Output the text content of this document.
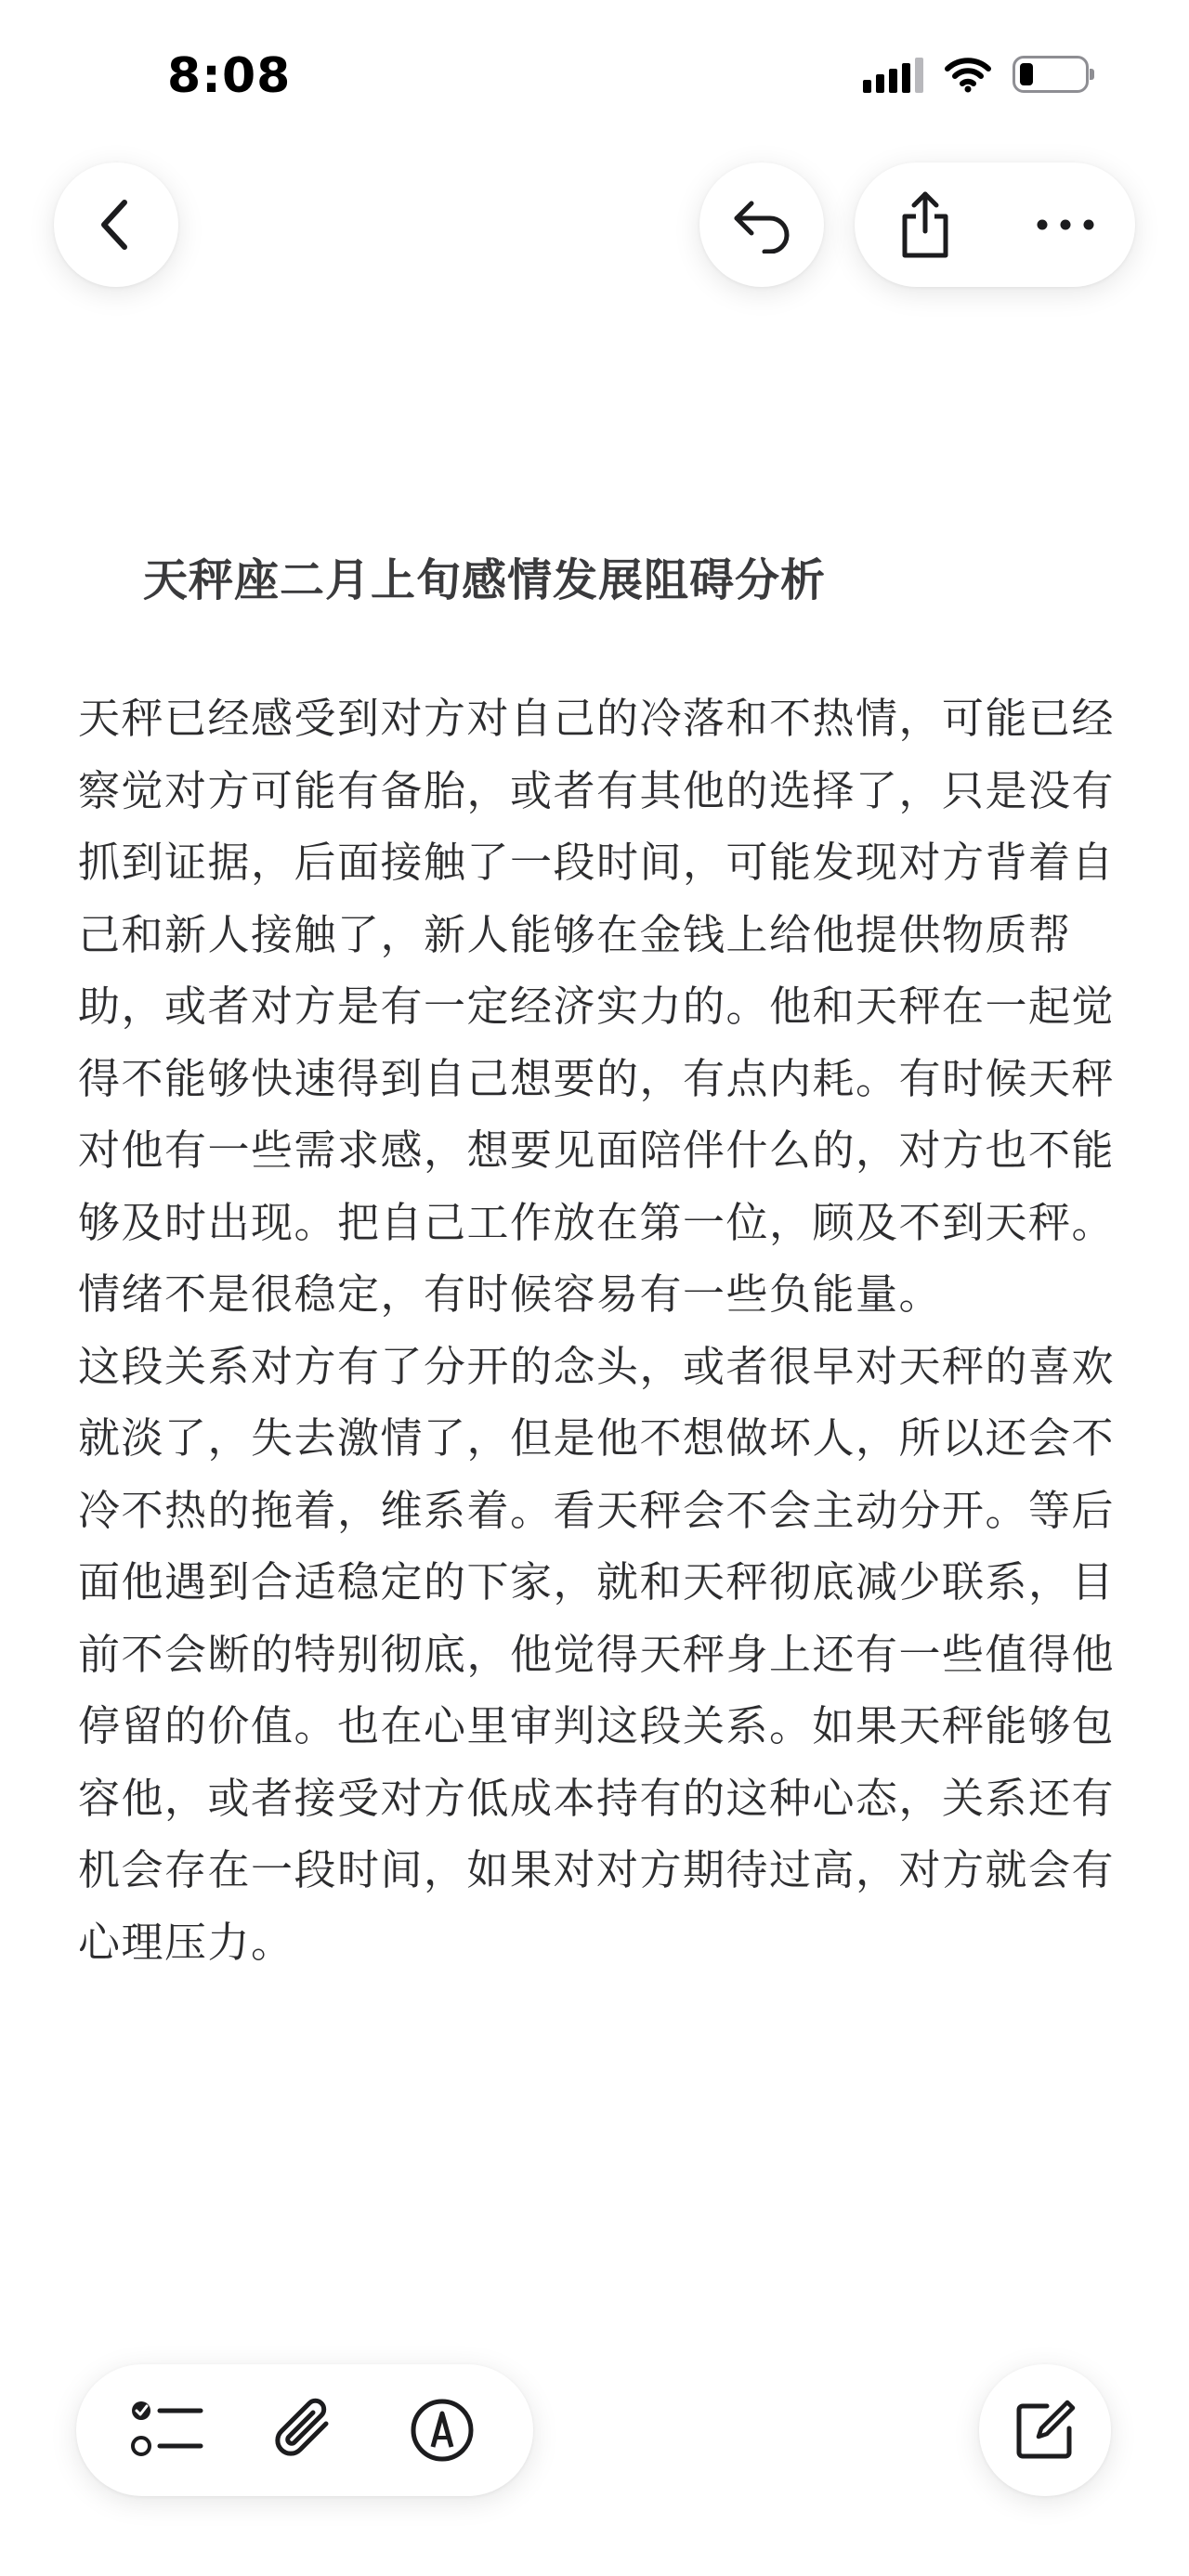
8:08
天秤座二月上旬感情发展阻碍分析

天秤已经感受到对方对自己的冷落和不热情，可能已经察觉对方可能有备胎，或者有其他的选择了，只是没有抓到证据，后面接触了一段时间，可能发现对方背着自己和新人接触了，新人能够在金钱上给他提供物质帮助，或者对方是有一定经济实力的。他和天秤在一起觉得不能够快速得到自己想要的，有点内耗。有时候天秤对他有一些需求感，想要见面陪伴什么的，对方也不能够及时出现。把自己工作放在第一位，顾及不到天秤。情绪不是很稳定，有时候容易有一些负能量。

这段关系对方有了分开的念头，或者很早对天秤的喜欢就淡了，失去激情了，但是他不想做坏人，所以还会不冷不热的拖着，维系着。看天秤会不会主动分开。等后面他遇到合适稳定的下家，就和天秤彻底减少联系，目前不会断的特别彻底，他觉得天秤身上还有一些值得他停留的价值。也在心里审判这段关系。如果天秤能够包容他，或者接受对方低成本持有的这种心态，关系还有机会存在一段时间，如果对对方期待过高，对方就会有心理压力。
